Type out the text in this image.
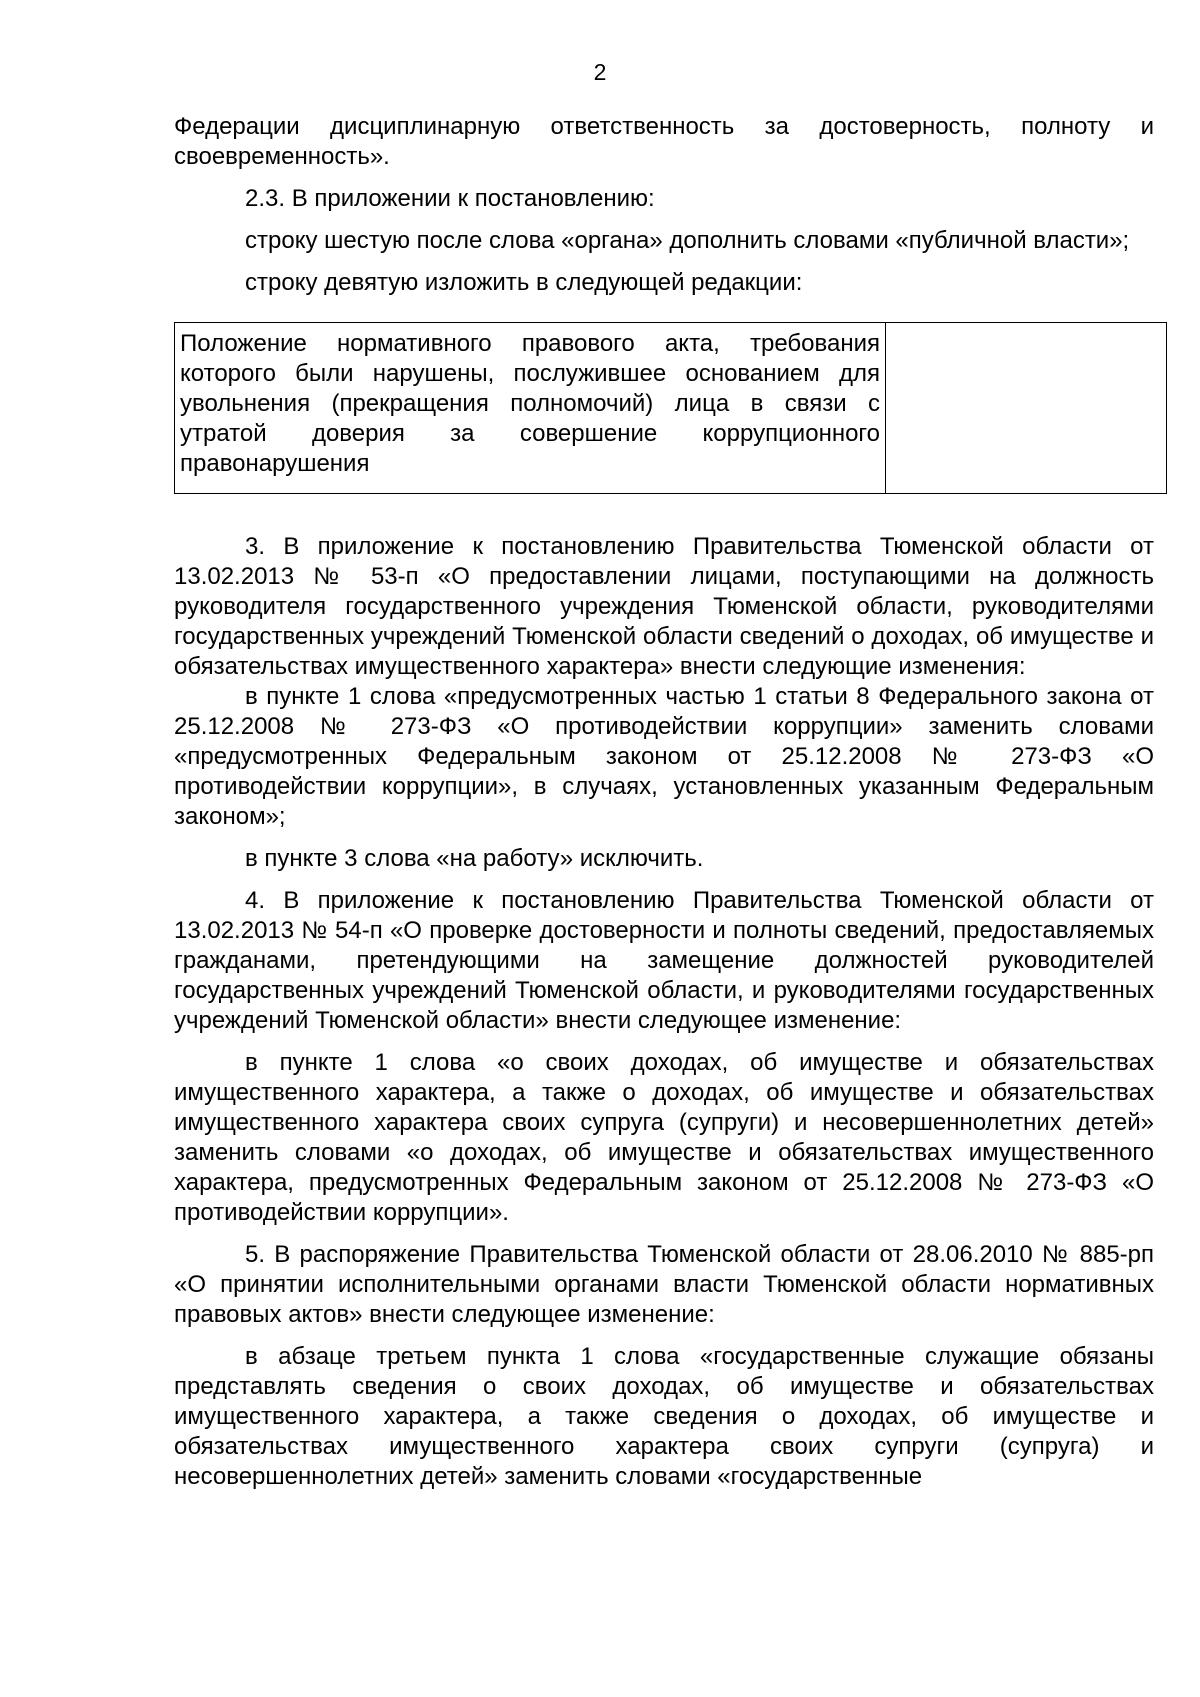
2

Федерации дисциплинарную ответственность за достоверность, полноту и своевременность».

2.3. В приложении к постановлению:

строку шестую после слова «органа» дополнить словами «публичной власти»;

строку девятую изложить в следующей редакции:

Положение нормативного правового акта, требования которого были нарушены, послужившее основанием для увольнения (прекращения полномочий) лица в связи с утратой доверия за совершение коррупционного правонарушения	

3. В приложение к постановлению Правительства Тюменской области от 13.02.2013 № 53-п «О предоставлении лицами, поступающими на должность руководителя государственного учреждения Тюменской области, руководителями государственных учреждений Тюменской области сведений о доходах, об имуществе и обязательствах имущественного характера» внести следующие изменения:

в пункте 1 слова «предусмотренных частью 1 статьи 8 Федерального закона от 25.12.2008 № 273-ФЗ «О противодействии коррупции» заменить словами «предусмотренных Федеральным законом от 25.12.2008 № 273-ФЗ «О противодействии коррупции», в случаях, установленных указанным Федеральным законом»;

в пункте 3 слова «на работу» исключить.

4. В приложение к постановлению Правительства Тюменской области от 13.02.2013 № 54-п «О проверке достоверности и полноты сведений, предоставляемых гражданами, претендующими на замещение должностей руководителей государственных учреждений Тюменской области, и руководителями государственных учреждений Тюменской области» внести следующее изменение:

в пункте 1 слова «о своих доходах, об имуществе и обязательствах имущественного характера, а также о доходах, об имуществе и обязательствах имущественного характера своих супруга (супруги) и несовершеннолетних детей» заменить словами «о доходах, об имуществе и обязательствах имущественного характера, предусмотренных Федеральным законом от 25.12.2008 № 273-ФЗ «О противодействии коррупции».

5. В распоряжение Правительства Тюменской области от 28.06.2010 № 885-рп «О принятии исполнительными органами власти Тюменской области нормативных правовых актов» внести следующее изменение:

в абзаце третьем пункта 1 слова «государственные служащие обязаны представлять сведения о своих доходах, об имуществе и обязательствах имущественного характера, а также сведения о доходах, об имуществе и обязательствах имущественного характера своих супруги (супруга) и несовершеннолетних детей» заменить словами «государственные
